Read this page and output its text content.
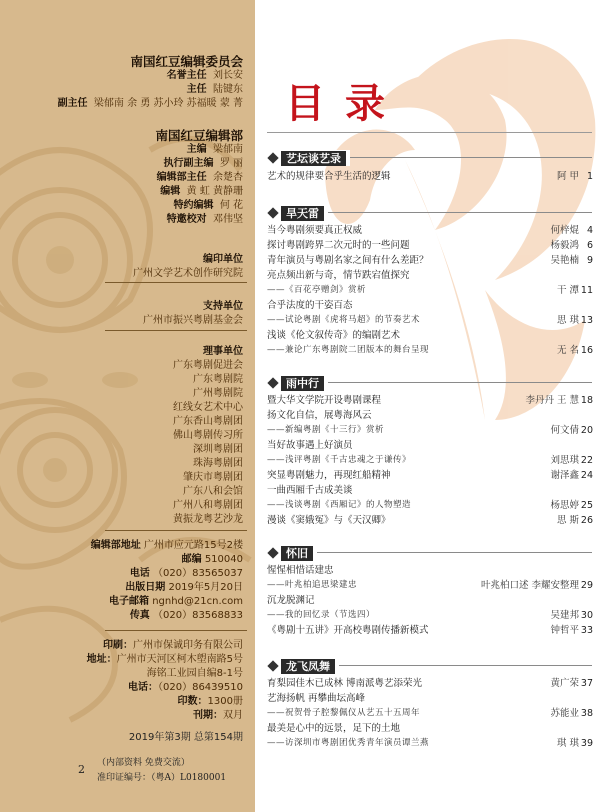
南国红豆编辑委员会
名誉主任 刘长安
主任 陆键东
副主任 梁郁南 余 勇 苏小玲 苏福暖 蒙 菁
南国红豆编辑部
主编 梁郁南
执行副主编 罗 丽
编辑部主任 余楚杏
编辑 黄 虹 黄静珊
特约编辑 何 花
特邀校对 邓伟坚
编印单位
广州文学艺术创作研究院
支持单位
广州市振兴粤剧基金会
理事单位
广东粤剧促进会
广东粤剧院
广州粤剧院
红线女艺术中心
广东香山粤剧团
佛山粤剧传习所
深圳粤剧团
珠海粤剧团
肇庆市粤剧团
广东八和会馆
广州八和粤剧团
黄振龙粤艺沙龙
编辑部地址 广州市应元路15号2楼
邮编 510040
电话 （020）83565037
出版日期 2019年5月20日
电子邮箱 ngnhd@21cn.com
传真 （020）83568833
印刷：广州市保诚印务有限公司
地址：广州市天河区柯木塱南路5号
海铭工业园自编8-1号
电话：（020）86439510
印数：1300册
刊期：双月
2019年第3期 总第154期
2 （内部资料 免费交流）
准印证编号：（粤A）L0180001
目录
艺坛谈艺录
艺术的规律要合乎生活的逻辑	阿 甲 1
旱天雷
当今粤剧须要真正权威	何梓焜 4
探讨粤剧跨界二次元时的一些问题	杨毅鸿 6
青年演员与粤剧名家之间有什么差距？	吴艳楠 9
亮点频出新与奇，情节跌宕值探究
——《百花亭赠剑》赏析	干 潭 11
合乎法度的干姿百态
——试论粤剧《虎将马超》的节奏艺术	思 琪 13
浅谈《伦文叙传奇》的编剧艺术
——兼论广东粤剧院二团版本的舞台呈现	无 名 16
雨中行
暨大华文学院开设粤剧课程	李丹丹 王 慧 18
扬文化自信，展粤海风云
——新编粤剧《十三行》赏析	何文倩 20
当好故事遇上好演员
——浅评粤剧《千古忠魂之于谦传》	刘思琪 22
突显粤剧魅力，再现红船精神	谢泽鑫 24
一曲西厢千古成美谈
——浅谈粤剧《西厢记》的人物塑造	杨思婷 25
漫谈《窦娥冤》与《天汉卿》	思 斯 26
怀旧
惺惺相惜话建忠
——叶兆柏追思梁建忠	叶兆柏口述 李耀安整理 29
沉龙脱渊记
——我的回忆录（节选四）	吴建邦 30
《粤剧十五讲》开高校粤剧传播新模式	钟哲平 33
龙飞凤舞
育梨园佳木已成林 博南派粤艺添荣光	黄广荣 37
艺海扬帆 再攀曲坛高峰
——祝贺骨子腔黎佩仪从艺五十五周年	苏能业 38
最美是心中的远景，足下的土地
——访深圳市粤剧团优秀青年演员谭兰燕	琪 琪 39
